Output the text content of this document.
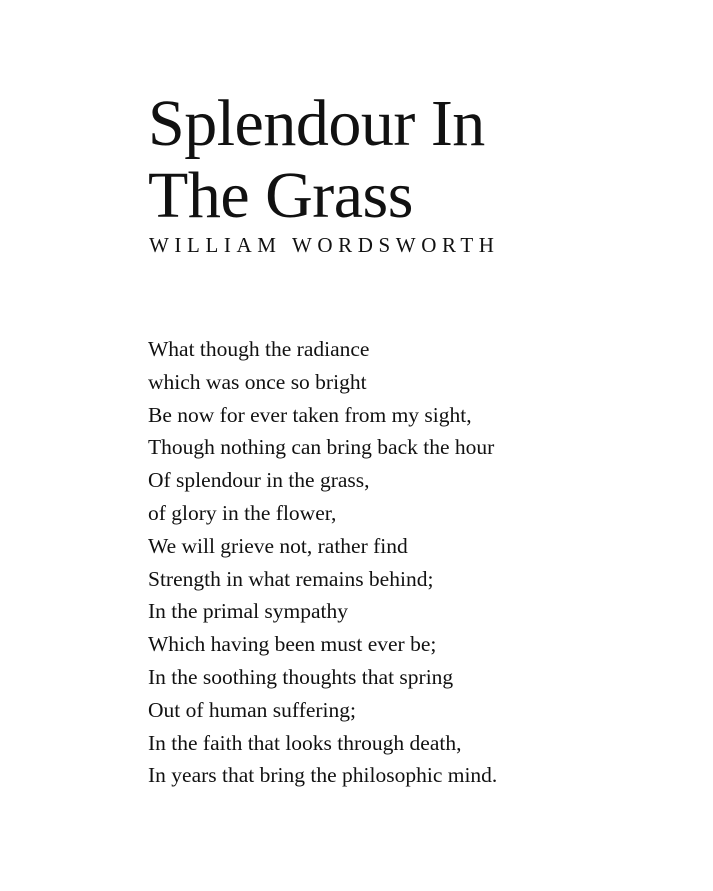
Splendour In
The Grass
WILLIAM WORDSWORTH
What though the radiance
which was once so bright
Be now for ever taken from my sight,
Though nothing can bring back the hour
Of splendour in the grass,
of glory in the flower,
We will grieve not, rather find
Strength in what remains behind;
In the primal sympathy
Which having been must ever be;
In the soothing thoughts that spring
Out of human suffering;
In the faith that looks through death,
In years that bring the philosophic mind.
